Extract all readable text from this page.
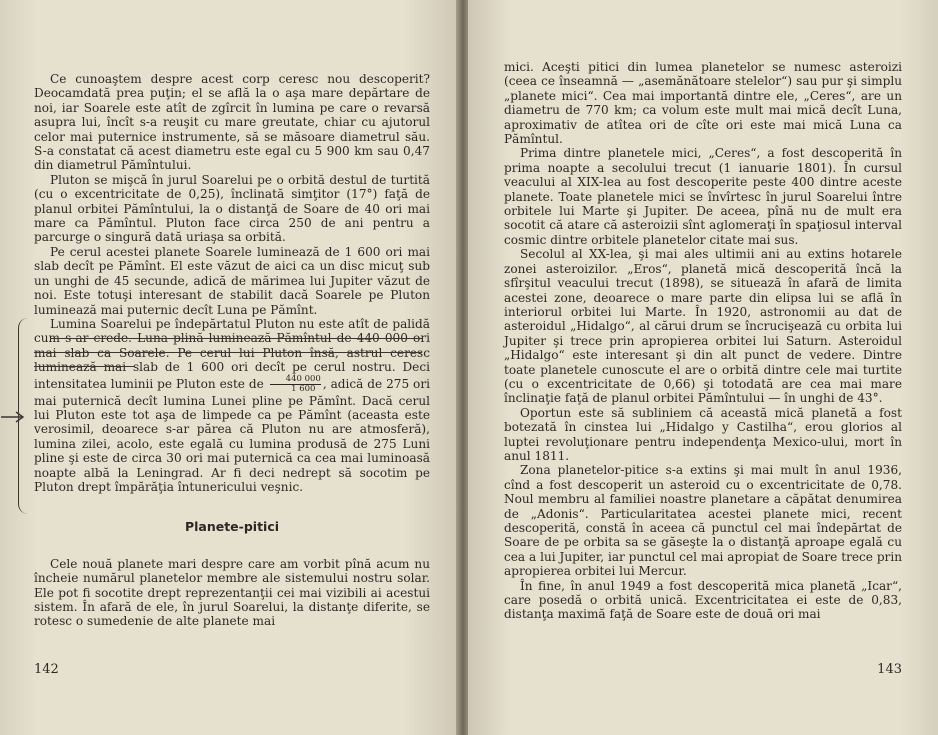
Ce cunoaştem despre acest corp ceresc nou descoperit? Deocamdată prea puţin; el se află la o aşa mare depărtare de noi, iar Soarele este atît de zgîrcit în lumina pe care o revarsă asupra lui, încît s-a reuşit cu mare greutate, chiar cu ajutorul celor mai puternice instrumente, să se măsoare diametrul său. S-a constatat că acest diametru este egal cu 5 900 km sau 0,47 din diametrul Pămîntului.

Pluton se mişcă în jurul Soarelui pe o orbită destul de turtită (cu o excentricitate de 0,25), înclinată simţitor (17°) faţă de planul orbitei Pămîntului, la o distanţă de Soare de 40 ori mai mare ca Pămîntul. Pluton face circa 250 de ani pentru a parcurge o singură dată uriaşa sa orbită.

Pe cerul acestei planete Soarele luminează de 1 600 ori mai slab decît pe Pămînt. El este văzut de aici ca un disc micuţ sub un unghi de 45 secunde, adică de mărimea lui Jupiter văzut de noi. Este totuşi interesant de stabilit dacă Soarele pe Pluton luminează mai puternic decît Luna pe Pămînt.

Lumina Soarelui pe îndepărtatul Pluton nu este atît de palidă cum s-ar crede. Luna plină luminează Pămîntul de 440 000 ori mai slab ca Soarele. Pe cerul lui Pluton însă, astrul ceresc luminează mai slab de 1 600 ori decît pe cerul nostru. Deci intensitatea luminii pe Pluton este de $\frac{440 000}{1 600}$ , adică de 275 ori mai puternică decît lumina Lunei pline pe Pămînt. Dacă cerul lui Pluton este tot aşa de limpede ca pe Pămînt (aceasta este verosimil, deoarece s-ar părea că Pluton nu are atmosferă), lumina zilei, acolo, este egală cu lumina produsă de 275 Luni pline şi este de circa 30 ori mai puternică ca cea mai luminoasă noapte albă la Leningrad. Ar fi deci nedrept să socotim pe Pluton drept împărăţia întunericului veşnic.

Planete-pitici

Cele nouă planete mari despre care am vorbit pînă acum nu încheie numărul planetelor membre ale sistemului nostru solar. Ele pot fi socotite drept reprezentanţii cei mai vizibili ai acestui sistem. În afară de ele, în jurul Soarelui, la distanţe diferite, se rotesc o sumedenie de alte planete mai

142

mici. Aceşti pitici din lumea planetelor se numesc asteroizi (ceea ce înseamnă — „asemănătoare stelelor“) sau pur şi simplu „planete mici“. Cea mai importantă dintre ele, „Ceres“, are un diametru de 770 km; ca volum este mult mai mică decît Luna, aproximativ de atîtea ori de cîte ori este mai mică Luna ca Pămîntul.

Prima dintre planetele mici, „Ceres“, a fost descoperită în prima noapte a secolului trecut (1 ianuarie 1801). În cursul veacului al XIX-lea au fost descoperite peste 400 dintre aceste planete. Toate planetele mici se învîrtesc în jurul Soarelui între orbitele lui Marte şi Jupiter. De aceea, pînă nu de mult era socotit că atare că asteroizii sînt aglomeraţi în spaţiosul interval cosmic dintre orbitele planetelor citate mai sus.

Secolul al XX-lea, şi mai ales ultimii ani au extins hotarele zonei asteroizilor. „Eros“, planetă mică descoperită încă la sfîrşitul veacului trecut (1898), se situează în afară de limita acestei zone, deoarece o mare parte din elipsa lui se află în interiorul orbitei lui Marte. În 1920, astronomii au dat de asteroidul „Hidalgo“, al cărui drum se încrucişează cu orbita lui Jupiter şi trece prin apropierea orbitei lui Saturn. Asteroidul „Hidalgo“ este interesant şi din alt punct de vedere. Dintre toate planetele cunoscute el are o orbită dintre cele mai turtite (cu o excentricitate de 0,66) şi totodată are cea mai mare înclinaţie faţă de planul orbitei Pămîntului — în unghi de 43°.

Oportun este să subliniem că această mică planetă a fost botezată în cinstea lui „Hidalgo y Castilha“, erou glorios al luptei revoluţionare pentru independenţa Mexico-ului, mort în anul 1811.

Zona planetelor-pitice s-a extins şi mai mult în anul 1936, cînd a fost descoperit un asteroid cu o excentricitate de 0,78. Noul membru al familiei noastre planetare a căpătat denumirea de „Adonis“. Particularitatea acestei planete mici, recent descoperită, constă în aceea că punctul cel mai îndepărtat de Soare de pe orbita sa se găseşte la o distanţă aproape egală cu cea a lui Jupiter, iar punctul cel mai apropiat de Soare trece prin apropierea orbitei lui Mercur.

În fine, în anul 1949 a fost descoperită mica planetă „Icar“, care posedă o orbită unică. Excentricitatea ei este de 0,83, distanţa maximă faţă de Soare este de două ori mai

143
